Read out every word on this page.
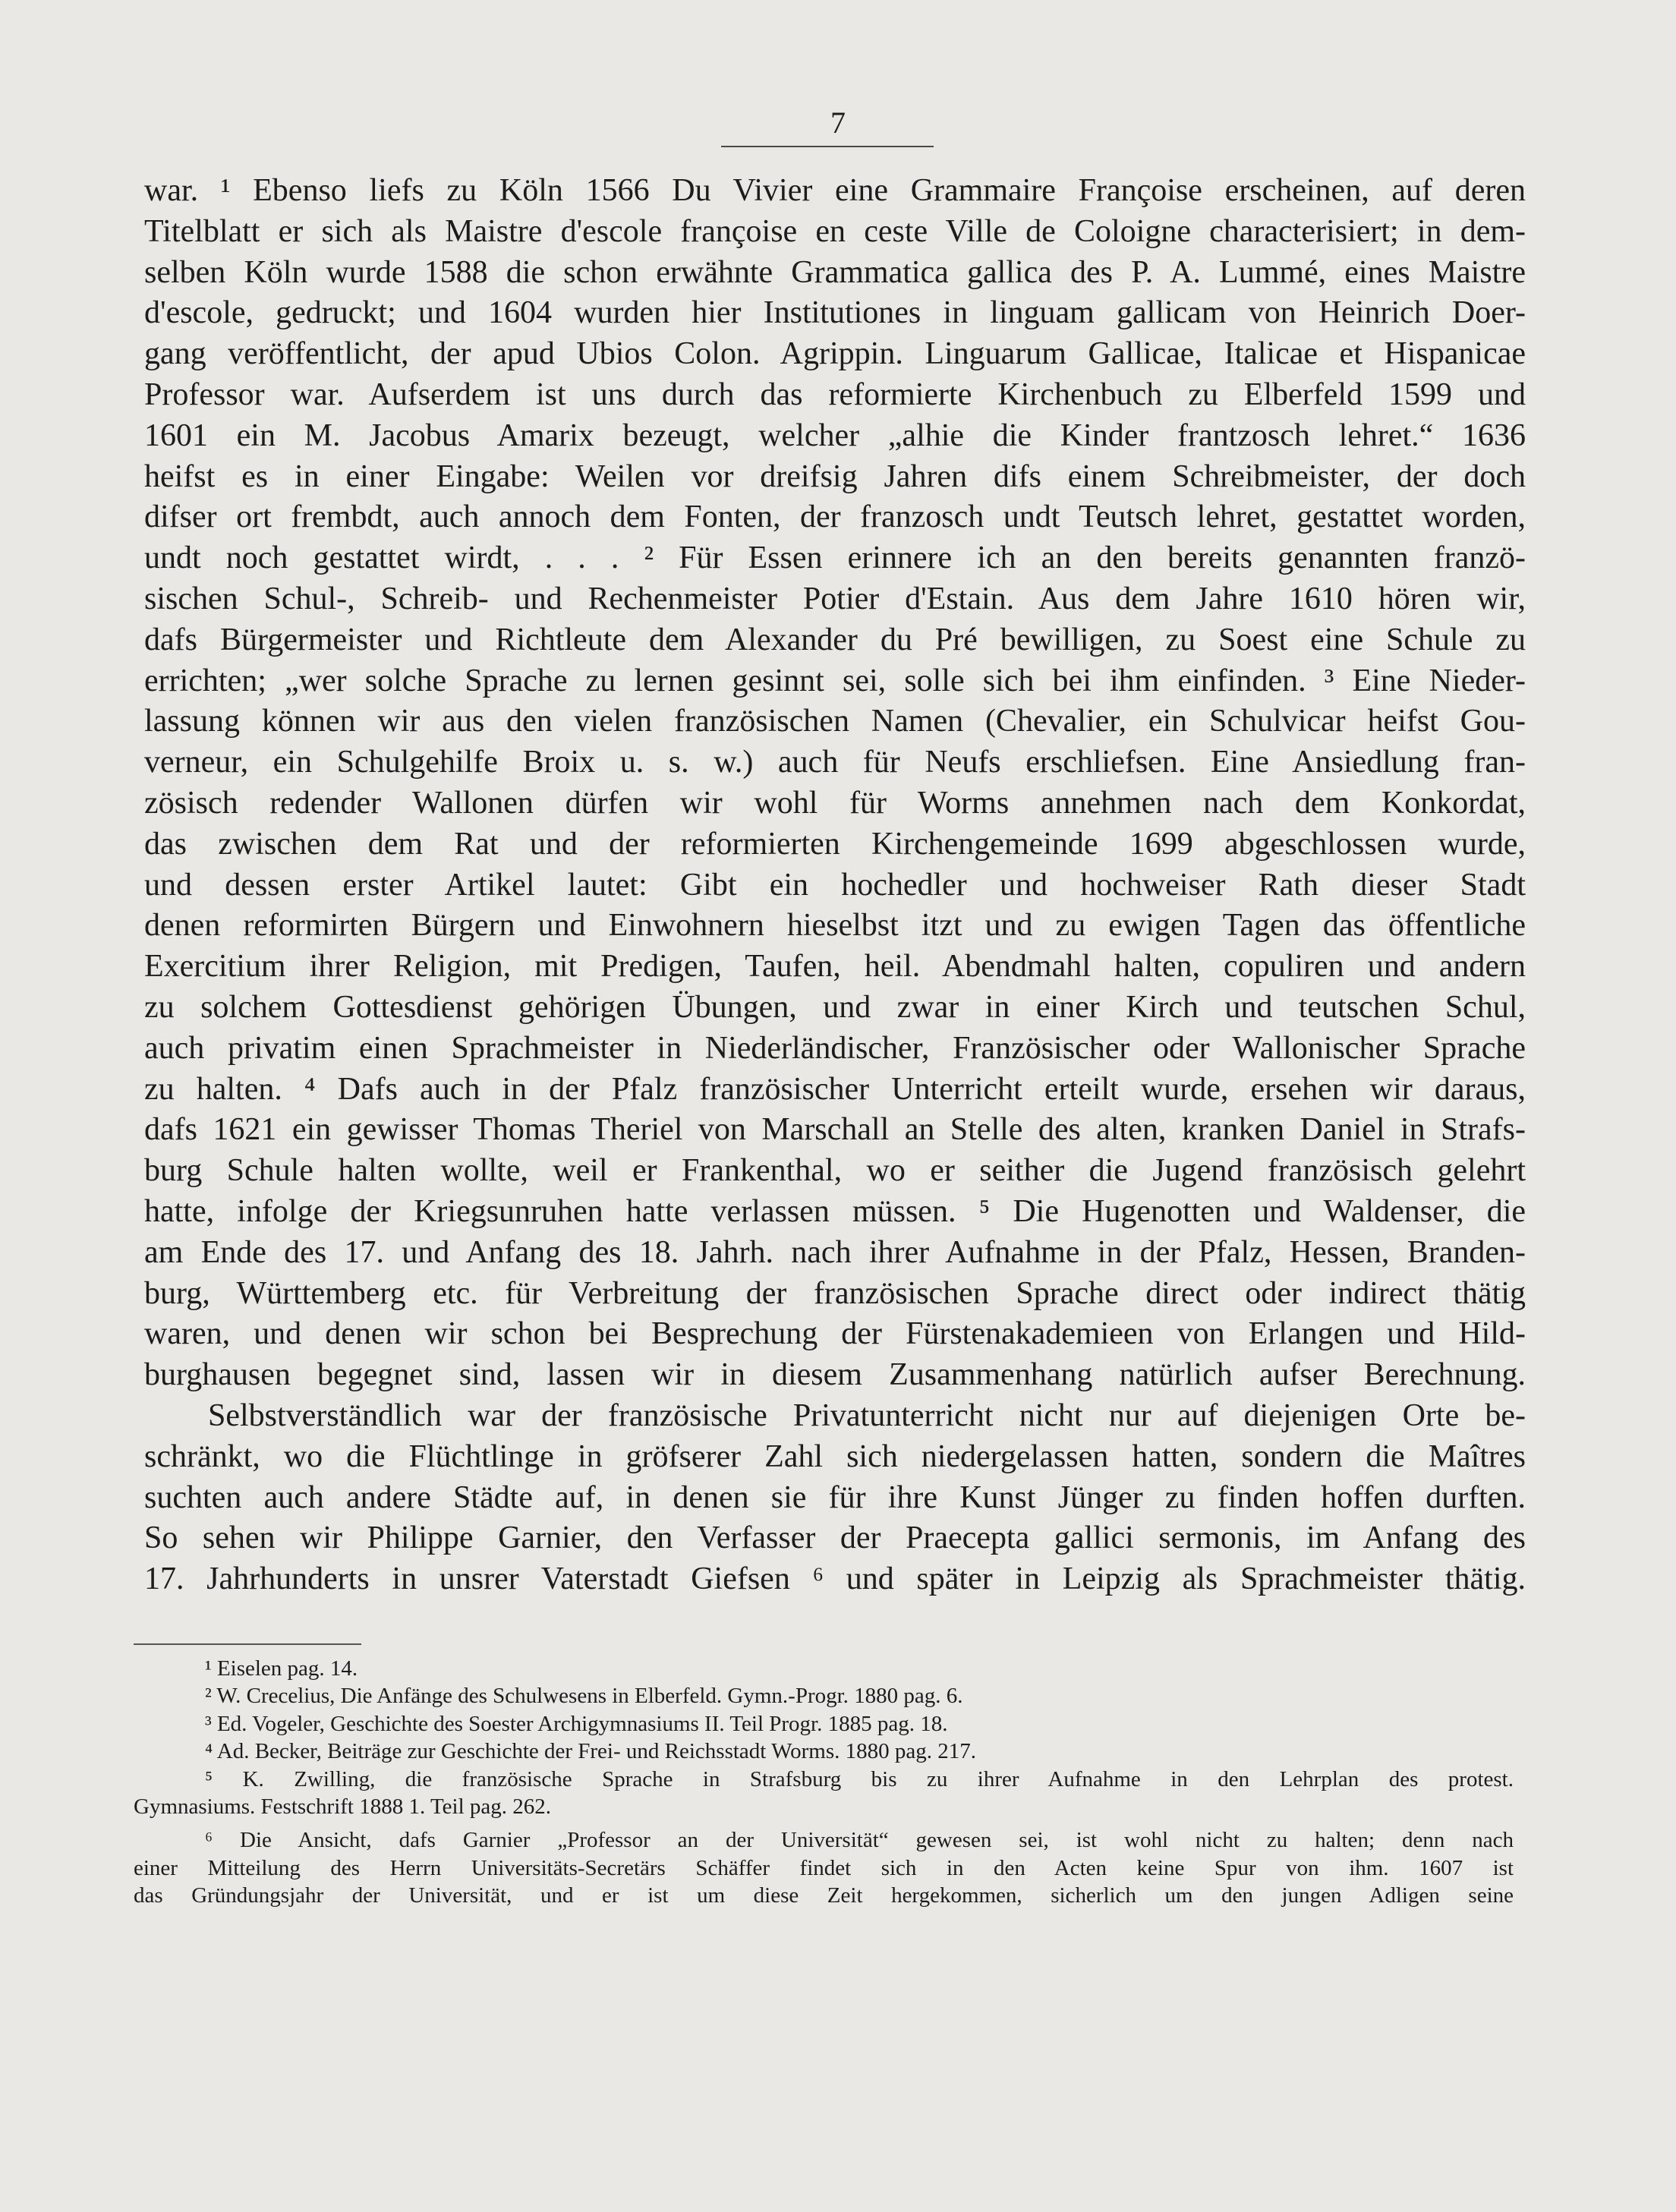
7
war. ¹ Ebenso liefs zu Köln 1566 Du Vivier eine Grammaire Françoise erscheinen, auf deren
Titelblatt er sich als Maistre d'escole françoise en ceste Ville de Coloigne characterisiert; in dem-
selben Köln wurde 1588 die schon erwähnte Grammatica gallica des P. A. Lummé, eines Maistre
d'escole, gedruckt; und 1604 wurden hier Institutiones in linguam gallicam von Heinrich Doer-
gang veröffentlicht, der apud Ubios Colon. Agrippin. Linguarum Gallicae, Italicae et Hispanicae
Professor war. Aufserdem ist uns durch das reformierte Kirchenbuch zu Elberfeld 1599 und
1601 ein M. Jacobus Amarix bezeugt, welcher „alhie die Kinder frantzosch lehret.“ 1636
heifst es in einer Eingabe: Weilen vor dreifsig Jahren difs einem Schreibmeister, der doch
difser ort frembdt, auch annoch dem Fonten, der franzosch undt Teutsch lehret, gestattet worden,
undt noch gestattet wirdt, . . . ² Für Essen erinnere ich an den bereits genannten franzö-
sischen Schul-, Schreib- und Rechenmeister Potier d'Estain. Aus dem Jahre 1610 hören wir,
dafs Bürgermeister und Richtleute dem Alexander du Pré bewilligen, zu Soest eine Schule zu
errichten; „wer solche Sprache zu lernen gesinnt sei, solle sich bei ihm einfinden. ³ Eine Nieder-
lassung können wir aus den vielen französischen Namen (Chevalier, ein Schulvicar heifst Gou-
verneur, ein Schulgehilfe Broix u. s. w.) auch für Neufs erschliefsen. Eine Ansiedlung fran-
zösisch redender Wallonen dürfen wir wohl für Worms annehmen nach dem Konkordat,
das zwischen dem Rat und der reformierten Kirchengemeinde 1699 abgeschlossen wurde,
und dessen erster Artikel lautet: Gibt ein hochedler und hochweiser Rath dieser Stadt
denen reformirten Bürgern und Einwohnern hieselbst itzt und zu ewigen Tagen das öffentliche
Exercitium ihrer Religion, mit Predigen, Taufen, heil. Abendmahl halten, copuliren und andern
zu solchem Gottesdienst gehörigen Übungen, und zwar in einer Kirch und teutschen Schul,
auch privatim einen Sprachmeister in Niederländischer, Französischer oder Wallonischer Sprache
zu halten. ⁴ Dafs auch in der Pfalz französischer Unterricht erteilt wurde, ersehen wir daraus,
dafs 1621 ein gewisser Thomas Theriel von Marschall an Stelle des alten, kranken Daniel in Strafs-
burg Schule halten wollte, weil er Frankenthal, wo er seither die Jugend französisch gelehrt
hatte, infolge der Kriegsunruhen hatte verlassen müssen. ⁵ Die Hugenotten und Waldenser, die
am Ende des 17. und Anfang des 18. Jahrh. nach ihrer Aufnahme in der Pfalz, Hessen, Branden-
burg, Württemberg etc. für Verbreitung der französischen Sprache direct oder indirect thätig
waren, und denen wir schon bei Besprechung der Fürstenakademieen von Erlangen und Hild-
burghausen begegnet sind, lassen wir in diesem Zusammenhang natürlich aufser Berechnung.
Selbstverständlich war der französische Privatunterricht nicht nur auf diejenigen Orte be-
schränkt, wo die Flüchtlinge in gröfserer Zahl sich niedergelassen hatten, sondern die Maîtres
suchten auch andere Städte auf, in denen sie für ihre Kunst Jünger zu finden hoffen durften.
So sehen wir Philippe Garnier, den Verfasser der Praecepta gallici sermonis, im Anfang des
17. Jahrhunderts in unsrer Vaterstadt Giefsen ⁶ und später in Leipzig als Sprachmeister thätig.
¹ Eiselen pag. 14.
² W. Crecelius, Die Anfänge des Schulwesens in Elberfeld. Gymn.-Progr. 1880 pag. 6.
³ Ed. Vogeler, Geschichte des Soester Archigymnasiums II. Teil Progr. 1885 pag. 18.
⁴ Ad. Becker, Beiträge zur Geschichte der Frei- und Reichsstadt Worms. 1880 pag. 217.
⁵ K. Zwilling, die französische Sprache in Strafsburg bis zu ihrer Aufnahme in den Lehrplan des protest.
Gymnasiums. Festschrift 1888 1. Teil pag. 262.
⁶ Die Ansicht, dafs Garnier „Professor an der Universität“ gewesen sei, ist wohl nicht zu halten; denn nach
einer Mitteilung des Herrn Universitäts-Secretärs Schäffer findet sich in den Acten keine Spur von ihm. 1607 ist
das Gründungsjahr der Universität, und er ist um diese Zeit hergekommen, sicherlich um den jungen Adligen seine
